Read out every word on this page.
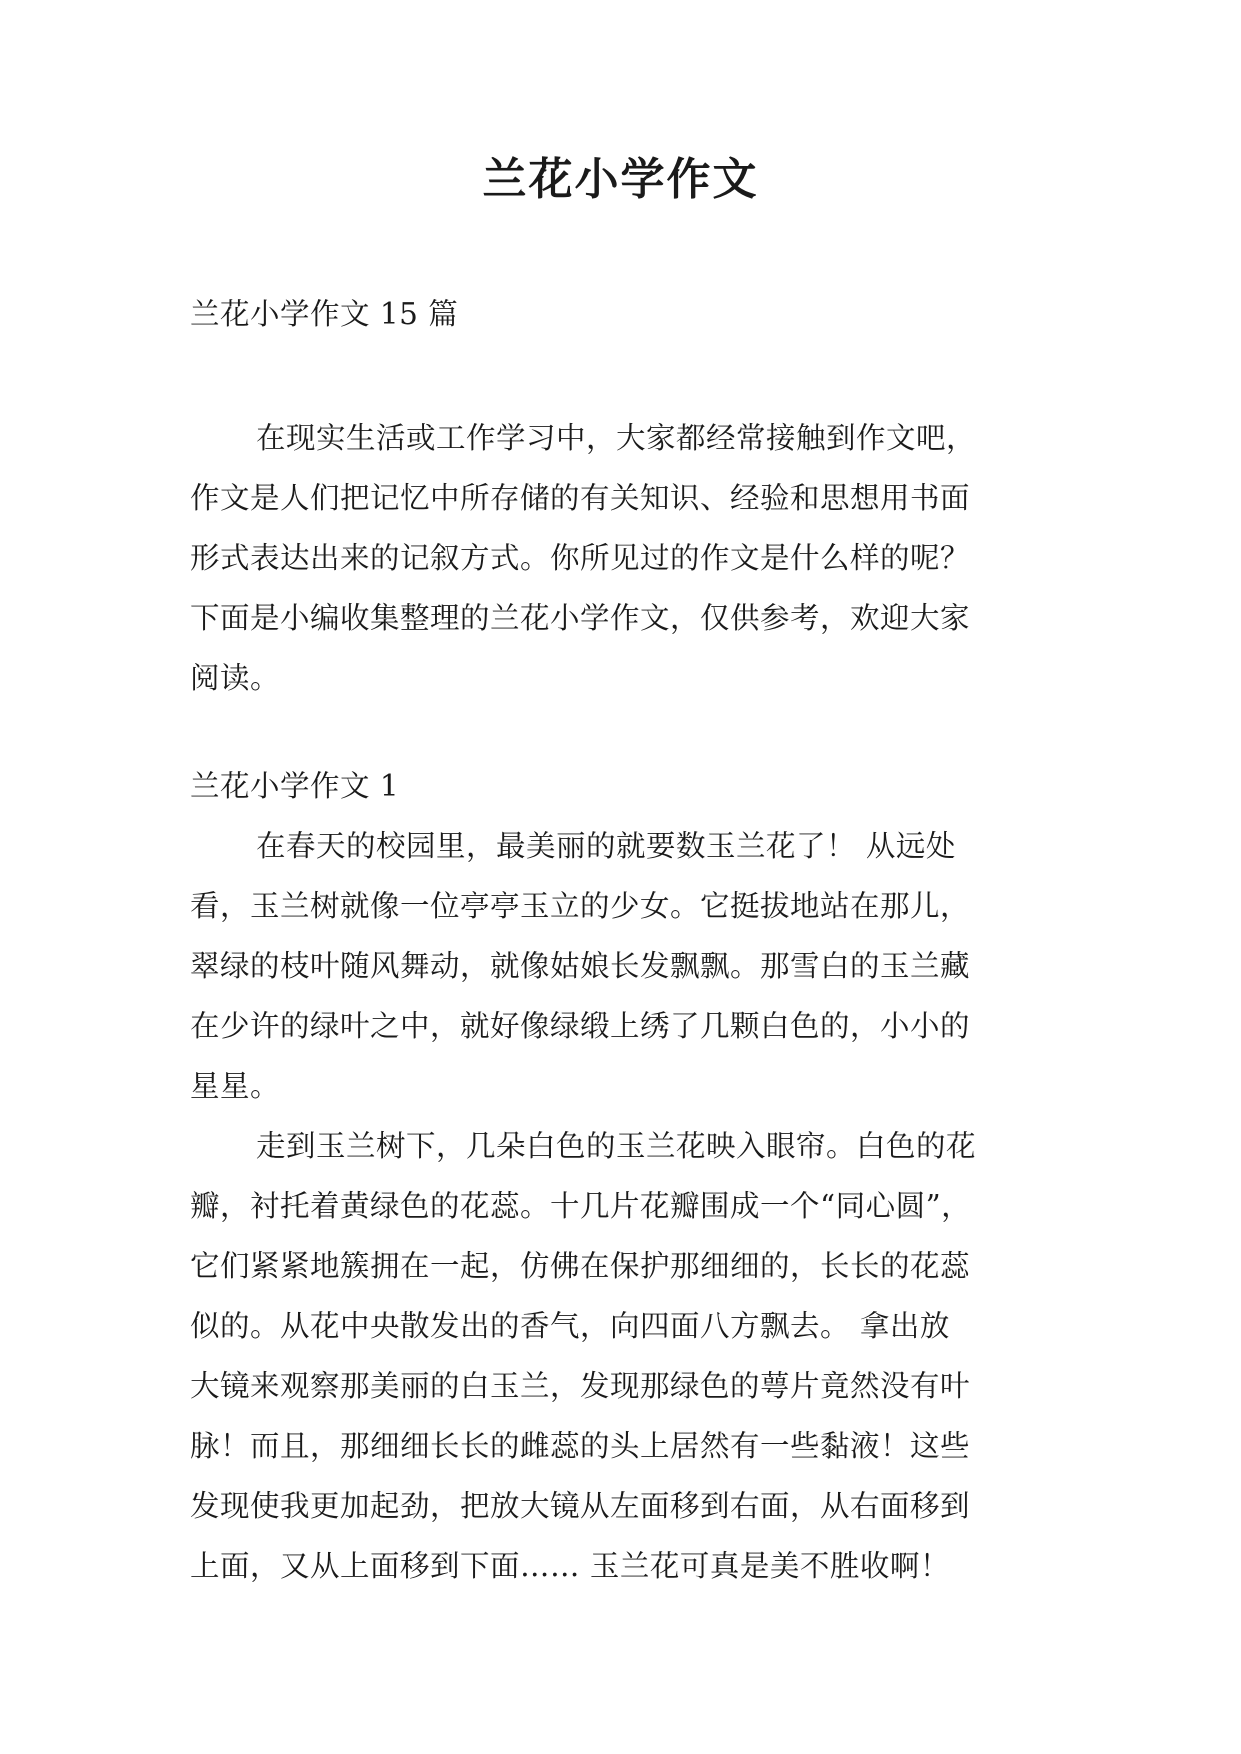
兰花小学作文
兰花小学作文 15 篇
在现实生活或工作学习中，大家都经常接触到作文吧，
作文是人们把记忆中所存储的有关知识、经验和思想用书面
形式表达出来的记叙方式。你所见过的作文是什么样的呢？
下面是小编收集整理的兰花小学作文，仅供参考，欢迎大家
阅读。
兰花小学作文 1
在春天的校园里，最美丽的就要数玉兰花了！ 从远处
看，玉兰树就像一位亭亭玉立的少女。它挺拔地站在那儿，
翠绿的枝叶随风舞动，就像姑娘长发飘飘。那雪白的玉兰藏
在少许的绿叶之中，就好像绿缎上绣了几颗白色的，小小的
星星。
走到玉兰树下，几朵白色的玉兰花映入眼帘。白色的花
瓣，衬托着黄绿色的花蕊。十几片花瓣围成一个“同心圆”，
它们紧紧地簇拥在一起，仿佛在保护那细细的，长长的花蕊
似的。从花中央散发出的香气，向四面八方飘去。 拿出放
大镜来观察那美丽的白玉兰，发现那绿色的萼片竟然没有叶
脉！而且，那细细长长的雌蕊的头上居然有一些黏液！这些
发现使我更加起劲，把放大镜从左面移到右面，从右面移到
上面，又从上面移到下面…… 玉兰花可真是美不胜收啊！
